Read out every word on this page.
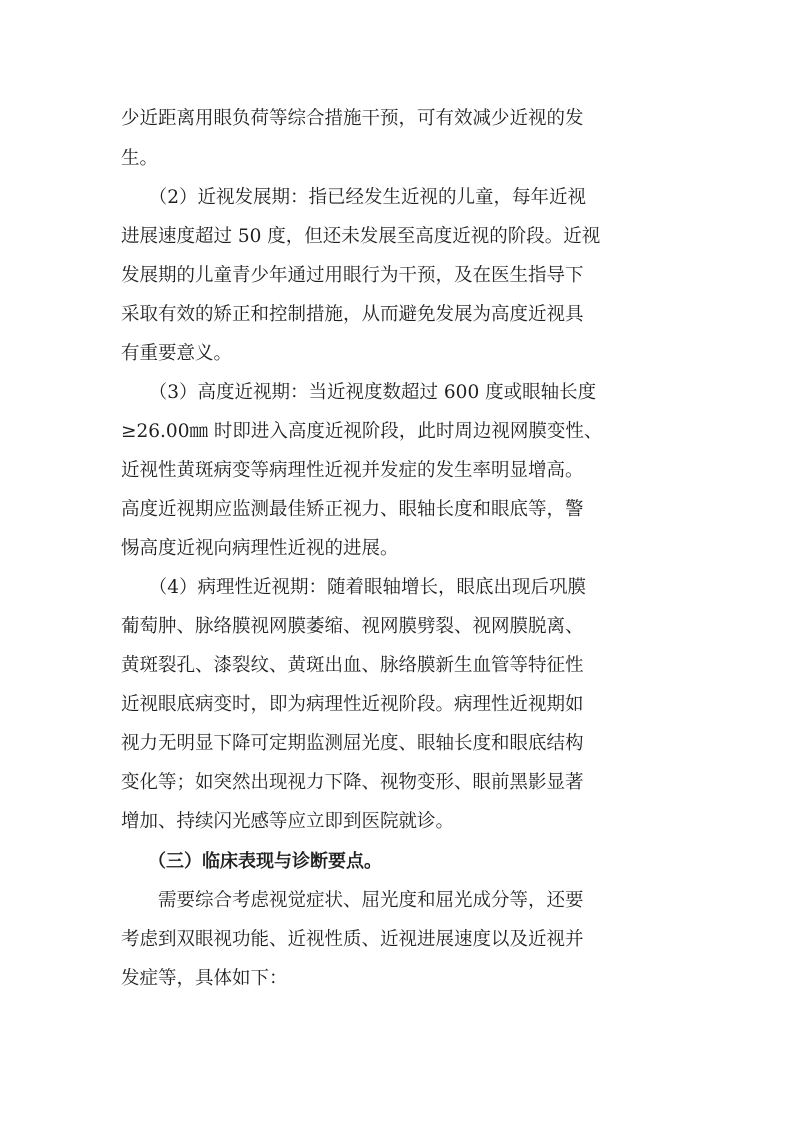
少近距离用眼负荷等综合措施干预，可有效减少近视的发
生。
　　（2）近视发展期：指已经发生近视的儿童，每年近视
进展速度超过 50 度，但还未发展至高度近视的阶段。近视
发展期的儿童青少年通过用眼行为干预，及在医生指导下
采取有效的矫正和控制措施，从而避免发展为高度近视具
有重要意义。
　　（3）高度近视期：当近视度数超过 600 度或眼轴长度
≥26.00㎜ 时即进入高度近视阶段，此时周边视网膜变性、
近视性黄斑病变等病理性近视并发症的发生率明显增高。
高度近视期应监测最佳矫正视力、眼轴长度和眼底等，警
惕高度近视向病理性近视的进展。
　　（4）病理性近视期：随着眼轴增长，眼底出现后巩膜
葡萄肿、脉络膜视网膜萎缩、视网膜劈裂、视网膜脱离、
黄斑裂孔、漆裂纹、黄斑出血、脉络膜新生血管等特征性
近视眼底病变时，即为病理性近视阶段。病理性近视期如
视力无明显下降可定期监测屈光度、眼轴长度和眼底结构
变化等；如突然出现视力下降、视物变形、眼前黑影显著
增加、持续闪光感等应立即到医院就诊。
　　（三）临床表现与诊断要点。
　　需要综合考虑视觉症状、屈光度和屈光成分等，还要
考虑到双眼视功能、近视性质、近视进展速度以及近视并
发症等，具体如下：
